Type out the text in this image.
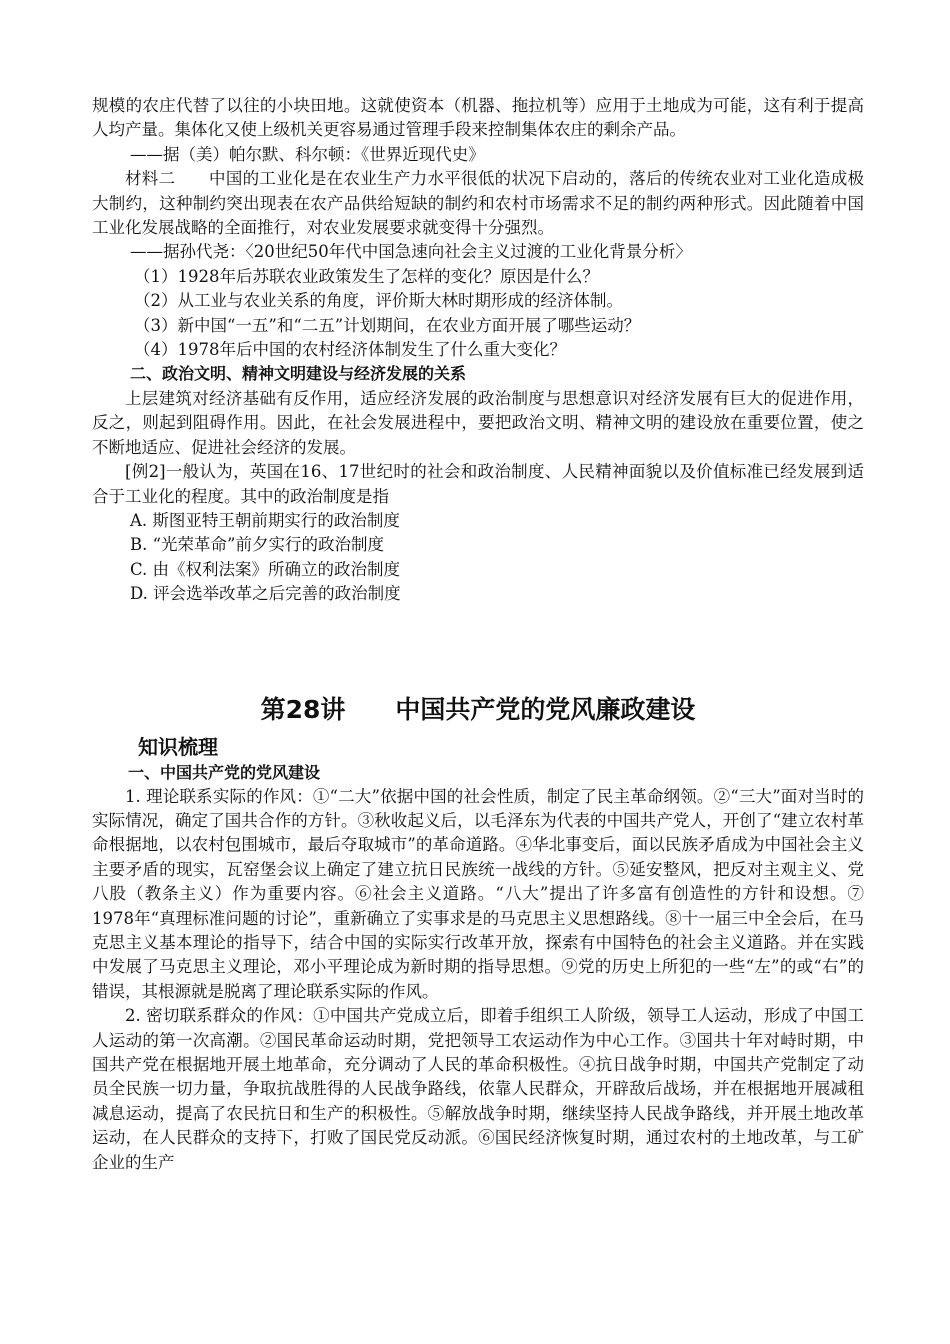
规模的农庄代替了以往的小块田地。这就使资本（机器、拖拉机等）应用于土地成为可能，这有利于提高人均产量。集体化又使上级机关更容易通过管理手段来控制集体农庄的剩余产品。

——据（美）帕尔默、科尔顿：《世界近现代史》

材料二　　中国的工业化是在农业生产力水平很低的状况下启动的，落后的传统农业对工业化造成极大制约，这种制约突出现表在农产品供给短缺的制约和农村市场需求不足的制约两种形式。因此随着中国工业化发展战略的全面推行，对农业发展要求就变得十分强烈。

——据孙代尧：〈20世纪50年代中国急速向社会主义过渡的工业化背景分析〉

（1）1928年后苏联农业政策发生了怎样的变化？原因是什么？

（2）从工业与农业关系的角度，评价斯大林时期形成的经济体制。

（3）新中国“一五”和“二五”计划期间，在农业方面开展了哪些运动？

（4）1978年后中国的农村经济体制发生了什么重大变化？

二、政治文明、精神文明建设与经济发展的关系

上层建筑对经济基础有反作用，适应经济发展的政治制度与思想意识对经济发展有巨大的促进作用，反之，则起到阻碍作用。因此，在社会发展进程中，要把政治文明、精神文明的建设放在重要位置，使之不断地适应、促进社会经济的发展。

[例2]一般认为，英国在16、17世纪时的社会和政治制度、人民精神面貌以及价值标准已经发展到适合于工业化的程度。其中的政治制度是指

A. 斯图亚特王朝前期实行的政治制度

B. “光荣革命”前夕实行的政治制度

C. 由《权利法案》所确立的政治制度

D. 评会选举改革之后完善的政治制度

第28讲　　中国共产党的党风廉政建设
知识梳理
一、中国共产党的党风建设

1. 理论联系实际的作风：①“二大”依据中国的社会性质，制定了民主革命纲领。②“三大”面对当时的实际情况，确定了国共合作的方针。③秋收起义后，以毛泽东为代表的中国共产党人，开创了“建立农村革命根据地，以农村包围城市，最后夺取城市”的革命道路。④华北事变后，面以民族矛盾成为中国社会主义主要矛盾的现实，瓦窑堡会议上确定了建立抗日民族统一战线的方针。⑤延安整风，把反对主观主义、党八股（教条主义）作为重要内容。⑥社会主义道路。“八大”提出了许多富有创造性的方针和设想。⑦ 1978年“真理标准问题的讨论”，重新确立了实事求是的马克思主义思想路线。⑧十一届三中全会后，在马克思主义基本理论的指导下，结合中国的实际实行改革开放，探索有中国特色的社会主义道路。并在实践中发展了马克思主义理论，邓小平理论成为新时期的指导思想。⑨党的历史上所犯的一些“左”的或“右”的错误，其根源就是脱离了理论联系实际的作风。

2. 密切联系群众的作风：①中国共产党成立后，即着手组织工人阶级，领导工人运动，形成了中国工人运动的第一次高潮。②国民革命运动时期，党把领导工农运动作为中心工作。③国共十年对峙时期，中国共产党在根据地开展土地革命，充分调动了人民的革命积极性。④抗日战争时期，中国共产党制定了动员全民族一切力量，争取抗战胜得的人民战争路线，依靠人民群众，开辟敌后战场，并在根据地开展减租减息运动，提高了农民抗日和生产的积极性。⑤解放战争时期，继续坚持人民战争路线，并开展土地改革运动，在人民群众的支持下，打败了国民党反动派。⑥国民经济恢复时期，通过农村的土地改革，与工矿企业的生产
